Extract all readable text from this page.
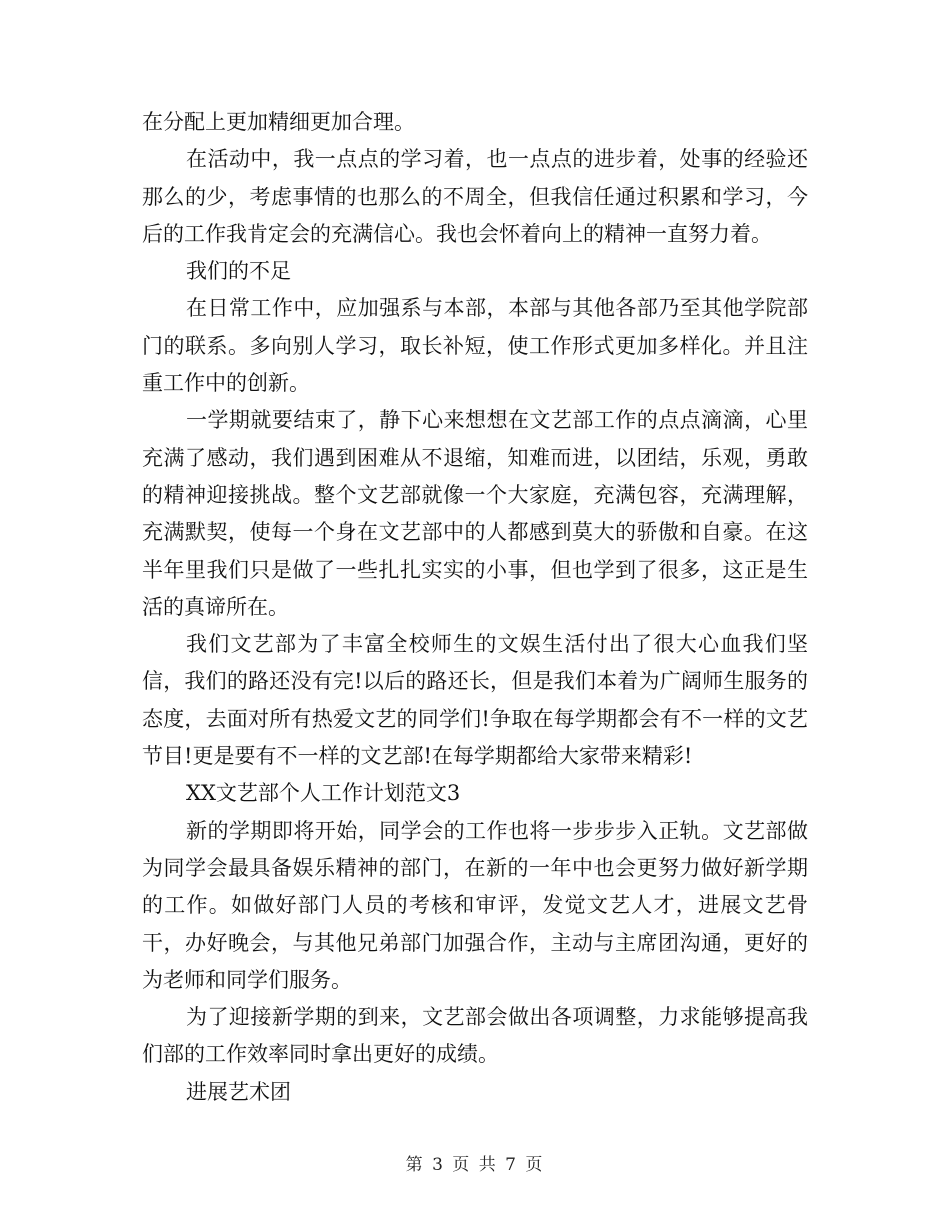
在分配上更加精细更加合理。

在活动中，我一点点的学习着，也一点点的进步着，处事的经验还那么的少，考虑事情的也那么的不周全，但我信任通过积累和学习，今后的工作我肯定会的充满信心。我也会怀着向上的精神一直努力着。

我们的不足

在日常工作中，应加强系与本部，本部与其他各部乃至其他学院部门的联系。多向别人学习，取长补短，使工作形式更加多样化。并且注重工作中的创新。

一学期就要结束了，静下心来想想在文艺部工作的点点滴滴，心里充满了感动，我们遇到困难从不退缩，知难而进，以团结，乐观，勇敢的精神迎接挑战。整个文艺部就像一个大家庭，充满包容，充满理解，充满默契，使每一个身在文艺部中的人都感到莫大的骄傲和自豪。在这半年里我们只是做了一些扎扎实实的小事，但也学到了很多，这正是生活的真谛所在。

我们文艺部为了丰富全校师生的文娱生活付出了很大心血我们坚信，我们的路还没有完!以后的路还长，但是我们本着为广阔师生服务的态度，去面对所有热爱文艺的同学们!争取在每学期都会有不一样的文艺节目!更是要有不一样的文艺部!在每学期都给大家带来精彩!

XX文艺部个人工作计划范文3

新的学期即将开始，同学会的工作也将一步步步入正轨。文艺部做为同学会最具备娱乐精神的部门，在新的一年中也会更努力做好新学期的工作。如做好部门人员的考核和审评，发觉文艺人才，进展文艺骨干，办好晚会，与其他兄弟部门加强合作，主动与主席团沟通，更好的为老师和同学们服务。

为了迎接新学期的到来，文艺部会做出各项调整，力求能够提高我们部的工作效率同时拿出更好的成绩。

进展艺术团

第 3 页 共 7 页
